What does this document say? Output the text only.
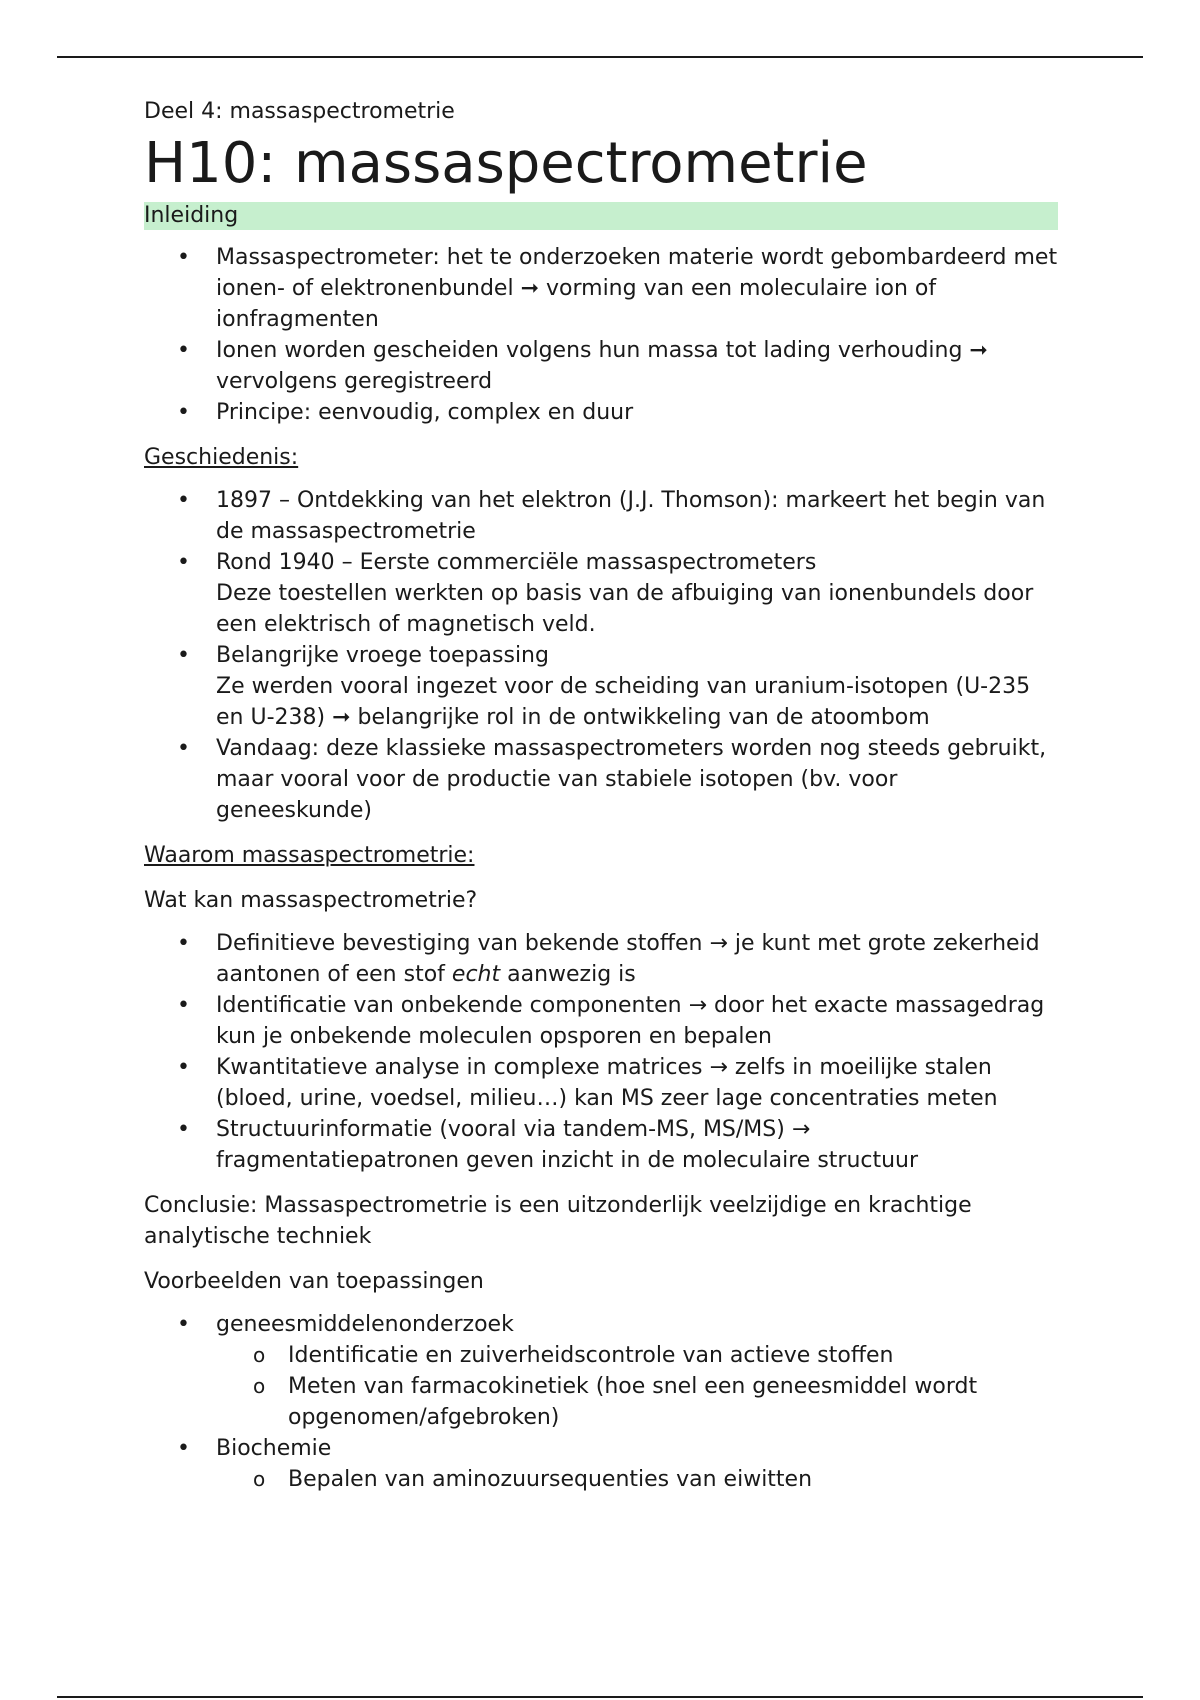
Deel 4: massaspectrometrie

H10: massaspectrometrie
Inleiding
• Massaspectrometer: het te onderzoeken materie wordt gebombardeerd met ionen- of elektronenbundel ➞ vorming van een moleculaire ion of ionfragmenten
• Ionen worden gescheiden volgens hun massa tot lading verhouding ➞ vervolgens geregistreerd
• Principe: eenvoudig, complex en duur
Geschiedenis:
• 1897 – Ontdekking van het elektron (J.J. Thomson): markeert het begin van de massaspectrometrie
• Rond 1940 – Eerste commerciële massaspectrometers
Deze toestellen werkten op basis van de afbuiging van ionenbundels door een elektrisch of magnetisch veld.
• Belangrijke vroege toepassing
Ze werden vooral ingezet voor de scheiding van uranium-isotopen (U-235 en U-238) ➞ belangrijke rol in de ontwikkeling van de atoombom
• Vandaag: deze klassieke massaspectrometers worden nog steeds gebruikt, maar vooral voor de productie van stabiele isotopen (bv. voor geneeskunde)
Waarom massaspectrometrie:
Wat kan massaspectrometrie?
• Definitieve bevestiging van bekende stoffen → je kunt met grote zekerheid aantonen of een stof echt aanwezig is
• Identificatie van onbekende componenten → door het exacte massagedrag kun je onbekende moleculen opsporen en bepalen
• Kwantitatieve analyse in complexe matrices → zelfs in moeilijke stalen (bloed, urine, voedsel, milieu…) kan MS zeer lage concentraties meten
• Structuurinformatie (vooral via tandem-MS, MS/MS) → fragmentatiepatronen geven inzicht in de moleculaire structuur
Conclusie: Massaspectrometrie is een uitzonderlijk veelzijdige en krachtige analytische techniek
Voorbeelden van toepassingen
• geneesmiddelenonderzoek
o Identificatie en zuiverheidscontrole van actieve stoffen
o Meten van farmacokinetiek (hoe snel een geneesmiddel wordt opgenomen/afgebroken)
• Biochemie
o Bepalen van aminozuursequenties van eiwitten
